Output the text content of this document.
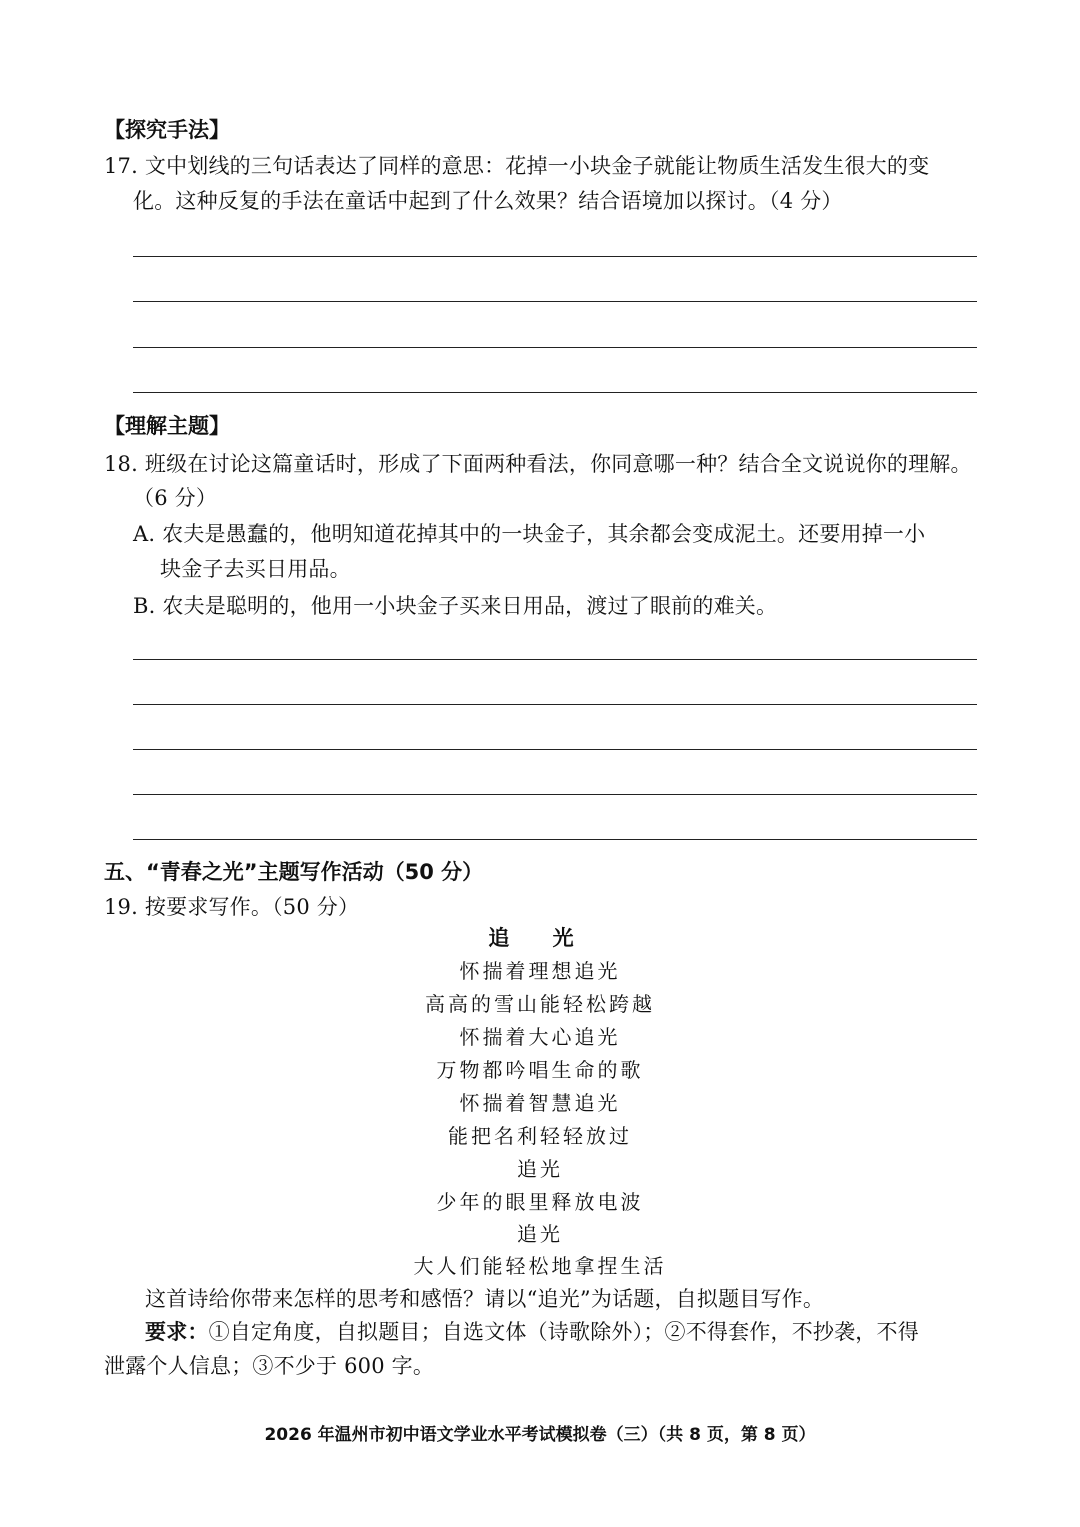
【探究手法】
17. 文中划线的三句话表达了同样的意思：花掉一小块金子就能让物质生活发生很大的变
化。这种反复的手法在童话中起到了什么效果？结合语境加以探讨。（4 分）
【理解主题】
18. 班级在讨论这篇童话时，形成了下面两种看法，你同意哪一种？结合全文说说你的理解。
（6 分）
A. 农夫是愚蠢的，他明知道花掉其中的一块金子，其余都会变成泥土。还要用掉一小
块金子去买日用品。
B. 农夫是聪明的，他用一小块金子买来日用品，渡过了眼前的难关。
五、“青春之光”主题写作活动（50 分）
19. 按要求写作。（50 分）
追 光
怀揣着理想追光
高高的雪山能轻松跨越
怀揣着大心追光
万物都吟唱生命的歌
怀揣着智慧追光
能把名利轻轻放过
追光
少年的眼里释放电波
追光
大人们能轻松地拿捏生活
这首诗给你带来怎样的思考和感悟？请以“追光”为话题，自拟题目写作。
要求：①自定角度，自拟题目；自选文体（诗歌除外）；②不得套作，不抄袭，不得
泄露个人信息；③不少于 600 字。
2026 年温州市初中语文学业水平考试模拟卷（三）（共 8 页，第 8 页）
